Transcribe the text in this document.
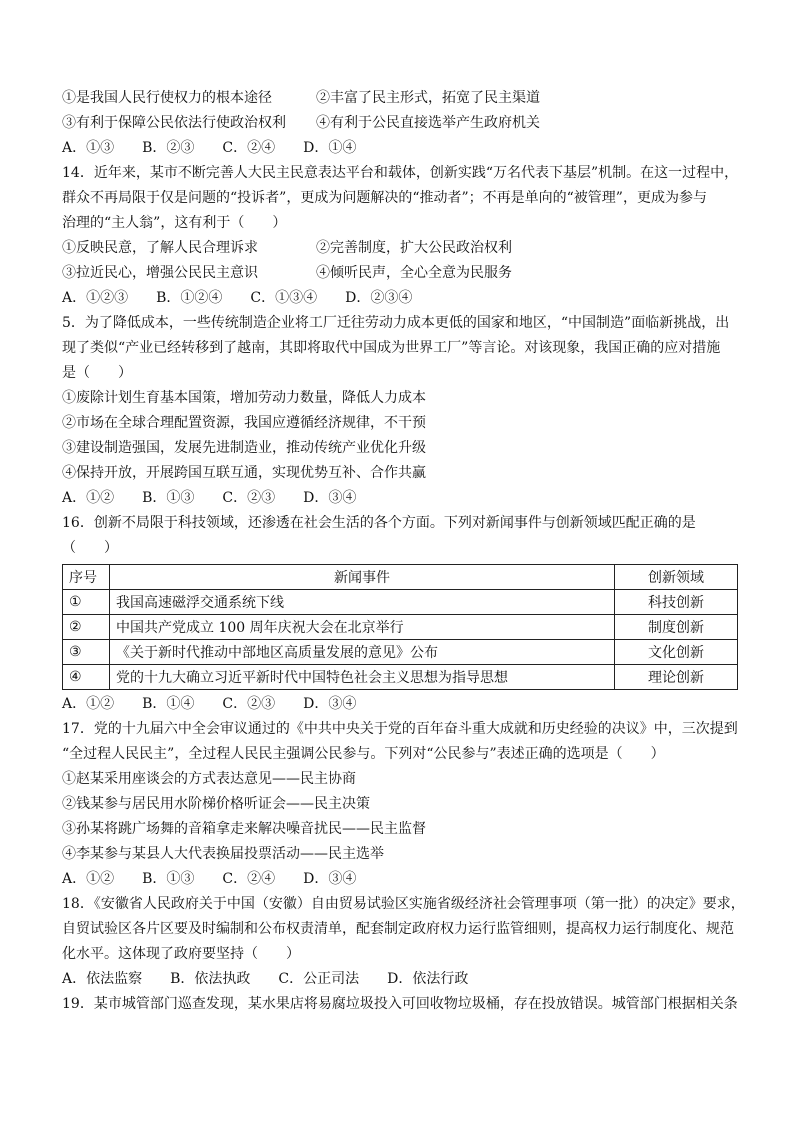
①是我国人民行使权力的根本途径	②丰富了民主形式，拓宽了民主渠道
③有利于保障公民依法行使政治权利	④有利于公民直接选举产生政府机关
A．①③ B．②③ C．②④ D．①④
14．近年来，某市不断完善人大民主民意表达平台和载体，创新实践“万名代表下基层”机制。在这一过程中，
群众不再局限于仅是问题的“投诉者”，更成为问题解决的“推动者”；不再是单向的“被管理”，更成为参与
治理的“主人翁”，这有利于（　　）
①反映民意，了解人民合理诉求	②完善制度，扩大公民政治权利
③拉近民心，增强公民民主意识	④倾听民声，全心全意为民服务
A．①②③ B．①②④ C．①③④ D．②③④
5．为了降低成本，一些传统制造企业将工厂迁往劳动力成本更低的国家和地区，“中国制造”面临新挑战，出
现了类似“产业已经转移到了越南，其即将取代中国成为世界工厂”等言论。对该现象，我国正确的应对措施
是（　　）
①废除计划生育基本国策，增加劳动力数量，降低人力成本
②市场在全球合理配置资源，我国应遵循经济规律，不干预
③建设制造强国，发展先进制造业，推动传统产业优化升级
④保持开放，开展跨国互联互通，实现优势互补、合作共赢
A．①② B．①③ C．②③ D．③④
16．创新不局限于科技领域，还渗透在社会生活的各个方面。下列对新闻事件与创新领域匹配正确的是
（　　）
序号	新闻事件	创新领域
①	我国高速磁浮交通系统下线	科技创新
②	中国共产党成立 100 周年庆祝大会在北京举行	制度创新
③	《关于新时代推动中部地区高质量发展的意见》公布	文化创新
④	党的十九大确立习近平新时代中国特色社会主义思想为指导思想	理论创新
A．①② B．①④ C．②③ D．③④
17．党的十九届六中全会审议通过的《中共中央关于党的百年奋斗重大成就和历史经验的决议》中，三次提到
“全过程人民民主”，全过程人民民主强调公民参与。下列对“公民参与”表述正确的选项是（　　）
①赵某采用座谈会的方式表达意见——民主协商
②钱某参与居民用水阶梯价格听证会——民主决策
③孙某将跳广场舞的音箱拿走来解决噪音扰民——民主监督
④李某参与某县人大代表换届投票活动——民主选举
A．①② B．①③ C．②④ D．③④
18．《安徽省人民政府关于中国（安徽）自由贸易试验区实施省级经济社会管理事项（第一批）的决定》要求，
自贸试验区各片区要及时编制和公布权责清单，配套制定政府权力运行监管细则，提高权力运行制度化、规范
化水平。这体现了政府要坚持（　　）
A．依法监察 B．依法执政 C．公正司法 D．依法行政
19．某市城管部门巡查发现，某水果店将易腐垃圾投入可回收物垃圾桶，存在投放错误。城管部门根据相关条
